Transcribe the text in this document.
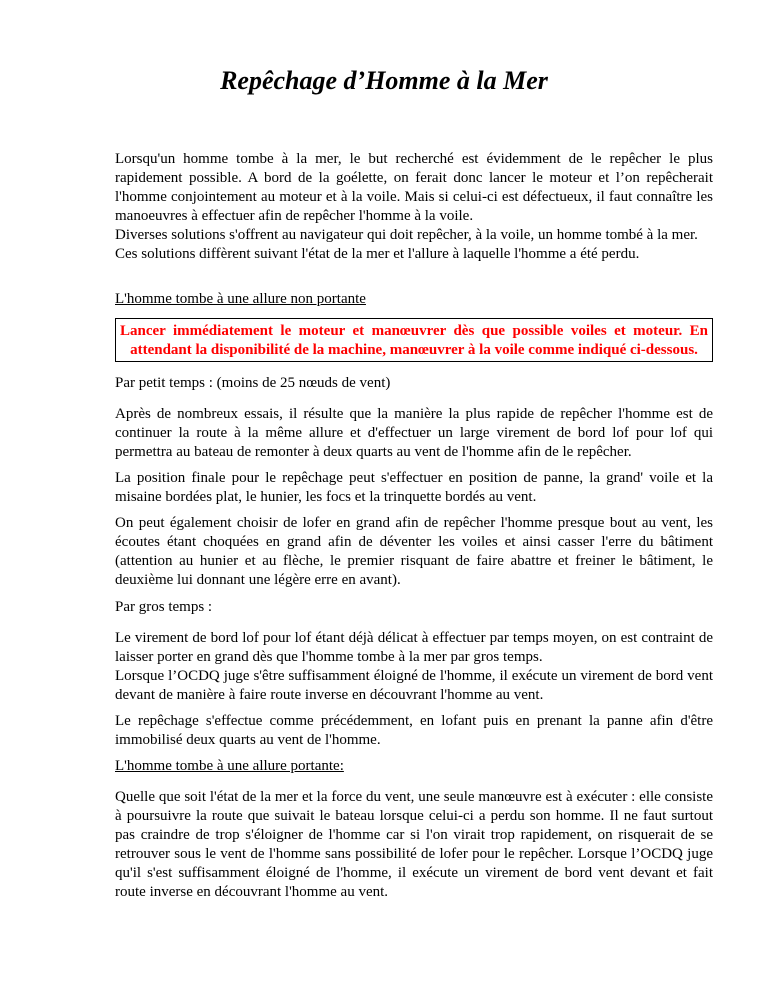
Repêchage d’Homme à la Mer

Lorsqu'un homme tombe à la mer, le but recherché est évidemment de le repêcher le plus rapidement possible. A bord de la goélette, on ferait donc lancer le moteur et l’on repêcherait l'homme conjointement au moteur et à la voile. Mais si celui-ci est défectueux, il faut connaître les manoeuvres à effectuer afin de repêcher l'homme à la voile.

Diverses solutions s'offrent au navigateur qui doit repêcher, à la voile, un homme tombé à la mer.
Ces solutions diffèrent suivant l'état de la mer et l'allure à laquelle l'homme a été perdu.

L'homme tombe à une allure non portante

Lancer immédiatement le moteur et manœuvrer dès que possible voiles et moteur. En attendant la disponibilité de la machine, manœuvrer à la voile comme indiqué ci-dessous.

Par petit temps : (moins de 25 nœuds de vent)

Après de nombreux essais, il résulte que la manière la plus rapide de repêcher l'homme est de continuer la route à la même allure et d'effectuer un large virement de bord lof pour lof qui permettra au bateau de remonter à deux quarts au vent de l'homme afin de le repêcher.

La position finale pour le repêchage peut s'effectuer en position de panne, la grand' voile et la misaine bordées plat, le hunier, les focs et la trinquette bordés au vent.

On peut également choisir de lofer en grand afin de repêcher l'homme presque bout au vent, les écoutes étant choquées en grand afin de déventer les voiles et ainsi casser l'erre du bâtiment (attention au hunier et au flèche, le premier risquant de faire abattre et freiner le bâtiment, le deuxième lui donnant une légère erre en avant).

Par gros temps :

Le virement de bord lof pour lof étant déjà délicat à effectuer par temps moyen, on est contraint de laisser porter en grand dès que l'homme tombe à la mer par gros temps.
Lorsque l’OCDQ juge s'être suffisamment éloigné de l'homme, il exécute un virement de bord vent devant de manière à faire route inverse en découvrant l'homme au vent.

Le repêchage s'effectue comme précédemment, en lofant puis en prenant la panne afin d'être immobilisé deux quarts au vent de l'homme.

L'homme tombe à une allure portante:

Quelle que soit l'état de la mer et la force du vent, une seule manœuvre est à exécuter : elle consiste à poursuivre la route que suivait le bateau lorsque celui-ci a perdu son homme. Il ne faut surtout pas craindre de trop s'éloigner de l'homme car si l'on virait trop rapidement, on risquerait de se retrouver sous le vent de l'homme sans possibilité de lofer pour le repêcher. Lorsque l’OCDQ juge qu'il s'est suffisamment éloigné de l'homme, il exécute un virement de bord vent devant et fait route inverse en découvrant l'homme au vent.
